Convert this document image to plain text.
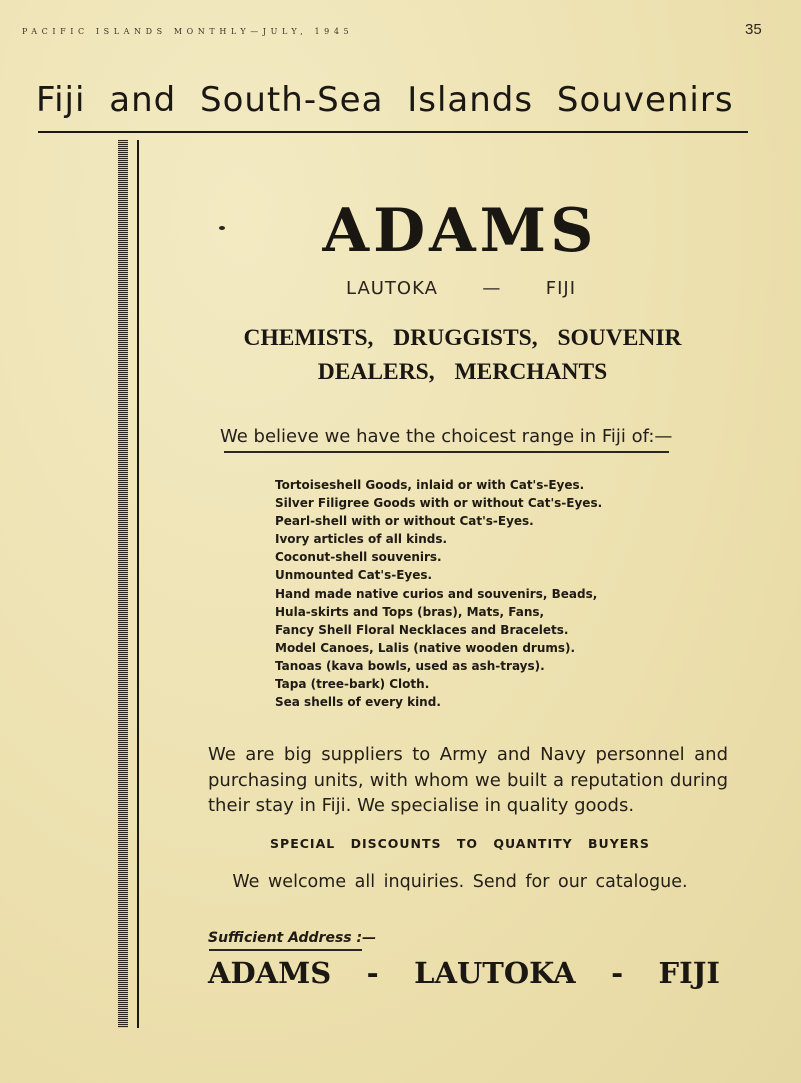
PACIFIC ISLANDS MONTHLY—JULY, 1945	35
Fiji and South-Sea Islands Souvenirs
ADAMS
LAUTOKA — FIJI
CHEMISTS, DRUGGISTS, SOUVENIR DEALERS, MERCHANTS
We believe we have the choicest range in Fiji of:—
Tortoiseshell Goods, inlaid or with Cat's-Eyes.
Silver Filigree Goods with or without Cat's-Eyes.
Pearl-shell with or without Cat's-Eyes.
Ivory articles of all kinds.
Coconut-shell souvenirs.
Unmounted Cat's-Eyes.
Hand made native curios and souvenirs, Beads,
Hula-skirts and Tops (bras), Mats, Fans,
Fancy Shell Floral Necklaces and Bracelets.
Model Canoes, Lalis (native wooden drums).
Tanoas (kava bowls, used as ash-trays).
Tapa (tree-bark) Cloth.
Sea shells of every kind.
We are big suppliers to Army and Navy personnel and purchasing units, with whom we built a reputation during their stay in Fiji. We specialise in quality goods.
SPECIAL DISCOUNTS TO QUANTITY BUYERS
We welcome all inquiries. Send for our catalogue.
Sufficient Address :—
ADAMS - LAUTOKA - FIJI
